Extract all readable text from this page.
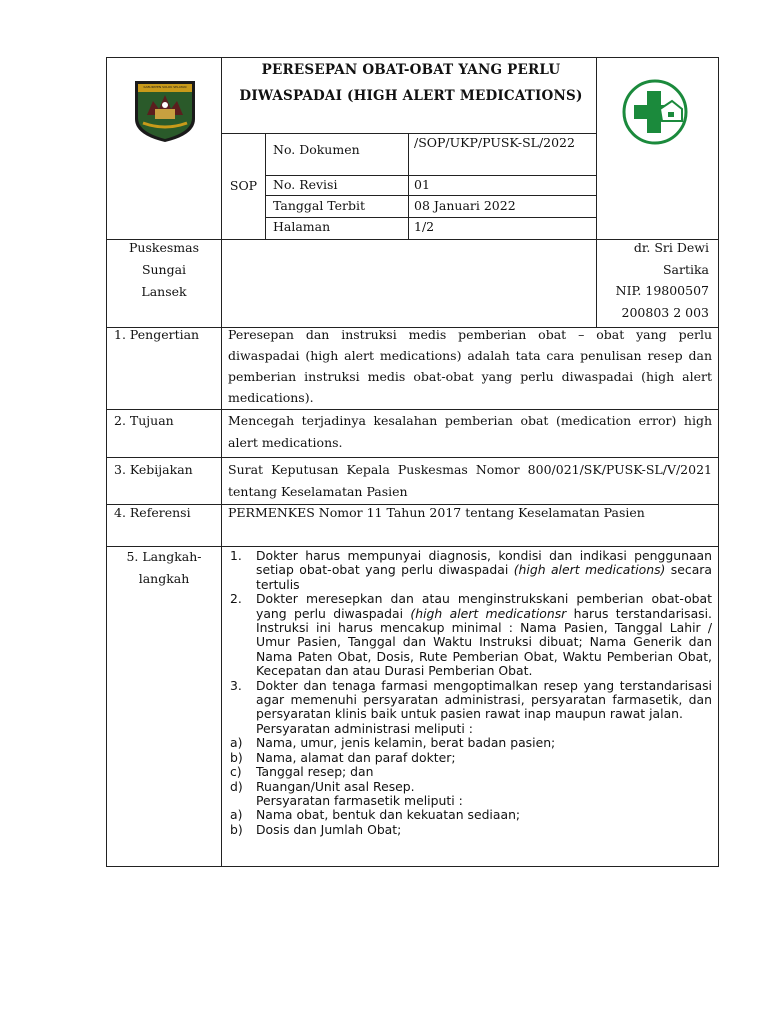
KABUPATEN SOLOK SELATAN
PERESEPAN OBAT-OBAT YANG PERLU DIWASPADAI (HIGH ALERT MEDICATIONS)
SOP
No. Dokumen	/SOP/UKP/PUSK-SL/2022
No. Revisi	01
Tanggal Terbit	08 Januari 2022
Halaman	1/2
Puskesmas Sungai Lansek
dr. Sri Dewi Sartika
NIP. 19800507 200803 2 003
1. Pengertian	Peresepan dan instruksi medis pemberian obat – obat yang perlu diwaspadai (high alert medications) adalah tata cara penulisan resep dan pemberian instruksi medis obat-obat yang perlu diwaspadai (high alert medications).
2. Tujuan	Mencegah terjadinya kesalahan pemberian obat (medication error) high alert medications.
3. Kebijakan	Surat Keputusan Kepala Puskesmas Nomor 800/021/SK/PUSK-SL/V/2021 tentang Keselamatan Pasien
4. Referensi	PERMENKES Nomor 11 Tahun 2017 tentang Keselamatan Pasien
5. Langkah-langkah
1. Dokter harus mempunyai diagnosis, kondisi dan indikasi penggunaan setiap obat-obat yang perlu diwaspadai (high alert medications) secara tertulis
2. Dokter meresepkan dan atau menginstrukskani pemberian obat-obat yang perlu diwaspadai (high alert medicationsr harus terstandarisasi. Instruksi ini harus mencakup minimal : Nama Pasien, Tanggal Lahir / Umur Pasien, Tanggal dan Waktu Instruksi dibuat; Nama Generik dan Nama Paten Obat, Dosis, Rute Pemberian Obat, Waktu Pemberian Obat, Kecepatan dan atau Durasi Pemberian Obat.
3. Dokter dan tenaga farmasi mengoptimalkan resep yang terstandarisasi agar memenuhi persyaratan administrasi, persyaratan farmasetik, dan persyaratan klinis baik untuk pasien rawat inap maupun rawat jalan.
Persyaratan administrasi meliputi :
a) Nama, umur, jenis kelamin, berat badan pasien;
b) Nama, alamat dan paraf dokter;
c) Tanggal resep; dan
d) Ruangan/Unit asal Resep.
Persyaratan farmasetik meliputi :
a) Nama obat, bentuk dan kekuatan sediaan;
b) Dosis dan Jumlah Obat;
